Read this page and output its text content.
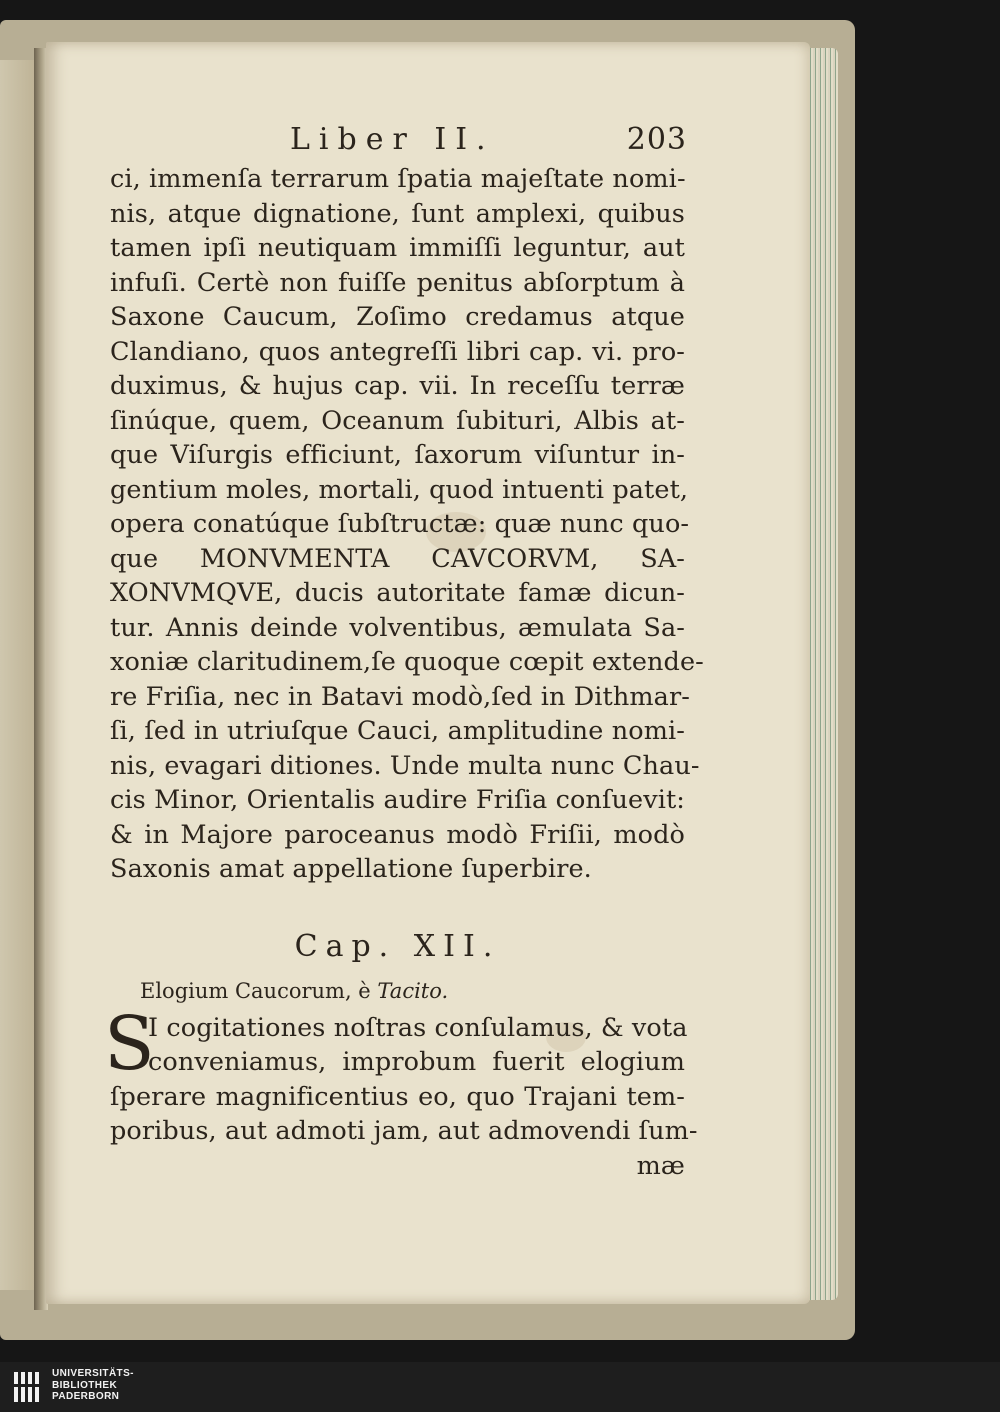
Liber II.	203
ci, immenſa terrarum ſpatia majeſtate nomi-
nis, atque dignatione, ſunt amplexi, quibus
tamen ipſi neutiquam immiſſi leguntur, aut
infuſi. Certè non fuiſſe penitus abſorptum à
Saxone Caucum, Zoſimo credamus atque
Clandiano, quos antegreſſi libri cap. vi. pro-
duximus, & hujus cap. vii. In receſſu terræ
ſinúque, quem, Oceanum ſubituri, Albis at-
que Viſurgis efficiunt, ſaxorum viſuntur in-
gentium moles, mortali, quod intuenti patet,
opera conatúque ſubſtructæ: quæ nunc quo-
que MONVMENTA CAVCORVM, SA-
XONVMQVE, ducis autoritate famæ dicun-
tur. Annis deinde volventibus, æmulata Sa-
xoniæ claritudinem,ſe quoque cœpit extende-
re Friſia, nec in Batavi modò,ſed in Dithmar-
ſi, ſed in utriuſque Cauci, amplitudine nomi-
nis, evagari ditiones. Unde multa nunc Chau-
cis Minor, Orientalis audire Friſia conſuevit:
& in Majore paroceanus modò Friſii, modò
Saxonis amat appellatione ſuperbire.
Cap. XII.
Elogium Caucorum, è Tacito.
S
I cogitationes noſtras conſulamus, & vota
conveniamus, improbum fuerit elogium
ſperare magnificentius eo, quo Trajani tem-
poribus, aut admoti jam, aut admovendi ſum-
mæ
UNIVERSITÄTS-
BIBLIOTHEK
PADERBORN
